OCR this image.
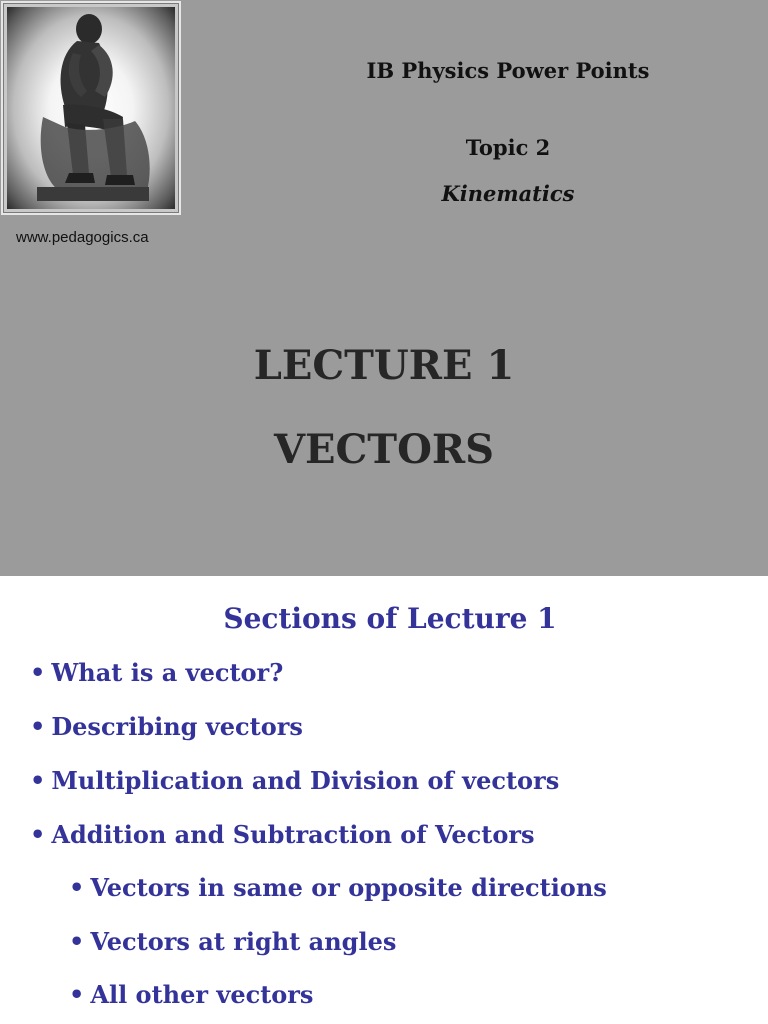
www.pedagogics.ca
IB Physics Power Points
Topic 2
Kinematics
LECTURE 1
VECTORS
Sections of Lecture 1
• What is a vector?
• Describing vectors
• Multiplication and Division of vectors
• Addition and Subtraction of Vectors
• Vectors in same or opposite directions
• Vectors at right angles
• All other vectors
